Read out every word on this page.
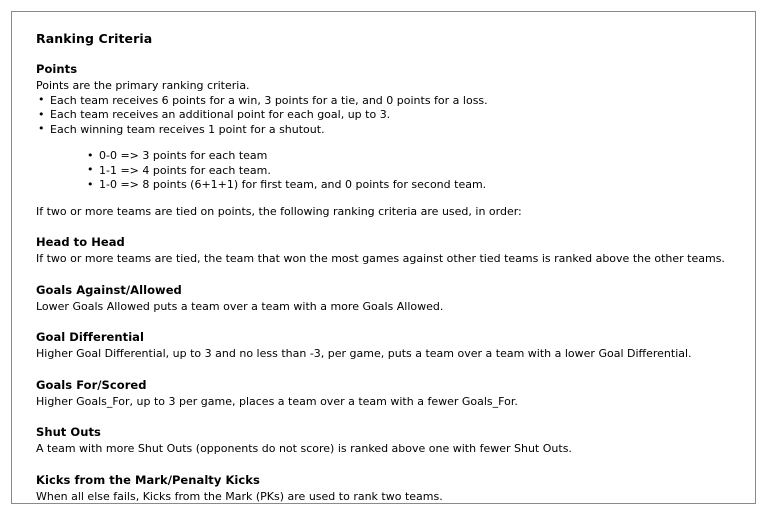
Ranking Criteria
Points

Points are the primary ranking criteria.

• Each team receives 6 points for a win, 3 points for a tie, and 0 points for a loss.
• Each team receives an additional point for each goal, up to 3.
• Each winning team receives 1 point for a shutout.
• 0-0 => 3 points for each team
• 1-1 => 4 points for each team.
• 1-0 => 8 points (6+1+1) for first team, and 0 points for second team.

If two or more teams are tied on points, the following ranking criteria are used, in order:

Head to Head

If two or more teams are tied, the team that won the most games against other tied teams is ranked above the other teams.

Goals Against/Allowed

Lower Goals Allowed puts a team over a team with a more Goals Allowed.

Goal Differential

Higher Goal Differential, up to 3 and no less than -3, per game, puts a team over a team with a lower Goal Differential.

Goals For/Scored

Higher Goals_For, up to 3 per game, places a team over a team with a fewer Goals_For.

Shut Outs

A team with more Shut Outs (opponents do not score) is ranked above one with fewer Shut Outs.

Kicks from the Mark/Penalty Kicks

When all else fails, Kicks from the Mark (PKs) are used to rank two teams.
